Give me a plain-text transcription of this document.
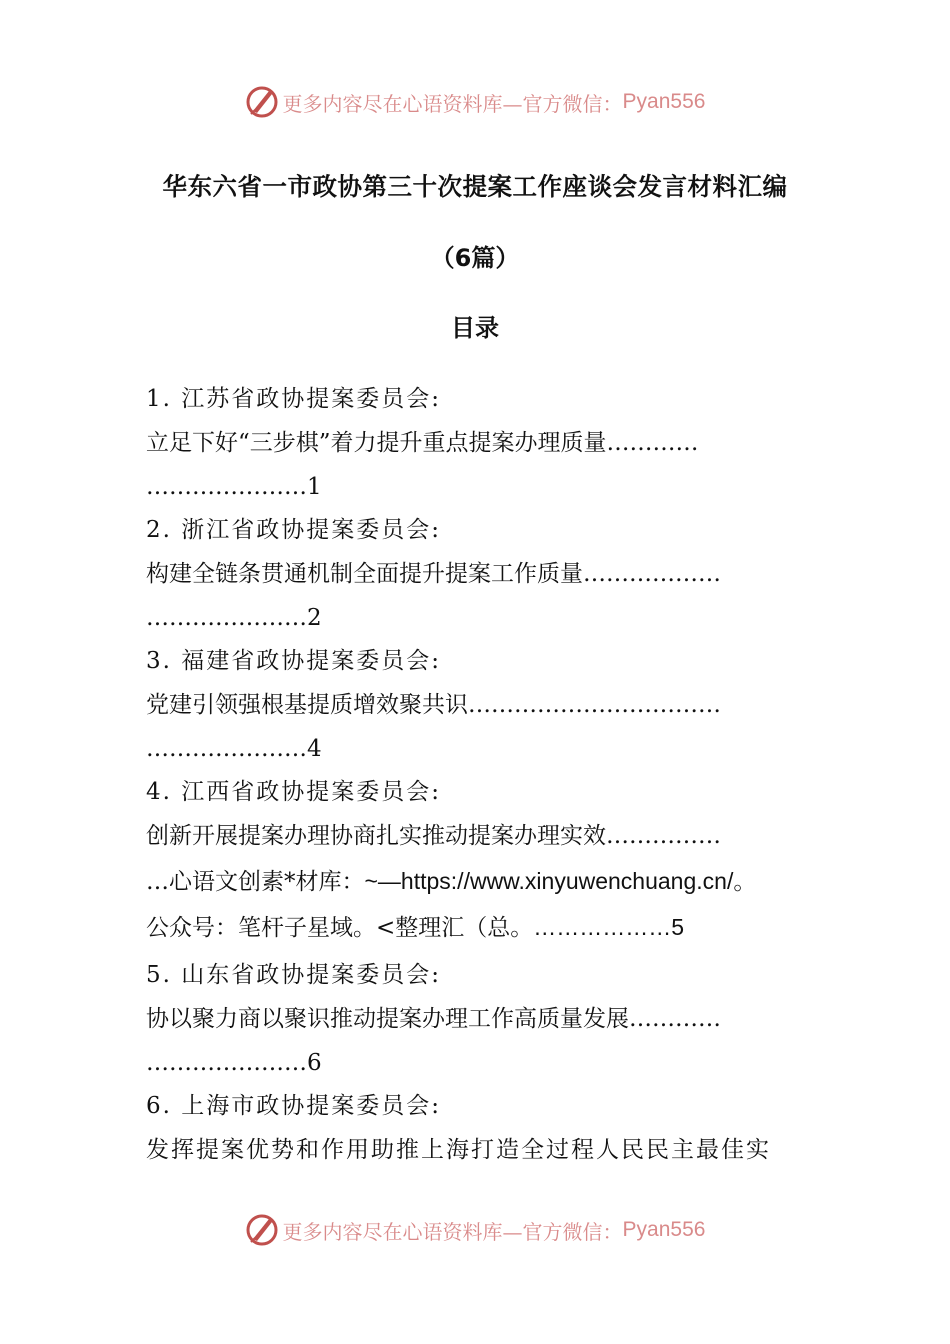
更多内容尽在心语资料库—官方微信： Pyan556
华东六省一市政协第三十次提案工作座谈会发言材料汇编
（6篇）
目录
1. 江苏省政协提案委员会:
立足下好“三步棋”着力提升重点提案办理质量…………
…………………1
2. 浙江省政协提案委员会:
构建全链条贯通机制全面提升提案工作质量………………
…………………2
3. 福建省政协提案委员会:
党建引领强根基提质增效聚共识……………………………
…………………4
4. 江西省政协提案委员会:
创新开展提案办理协商扎实推动提案办理实效……………
…心语文创素*材库：~—https://www.xinyuwenchuang.cn/。
公众号：笔杆子星域。<整理汇（总。………………5
5. 山东省政协提案委员会:
协以聚力商以聚识推动提案办理工作高质量发展…………
…………………6
6. 上海市政协提案委员会:
发挥提案优势和作用助推上海打造全过程人民民主最佳实
更多内容尽在心语资料库—官方微信： Pyan556
